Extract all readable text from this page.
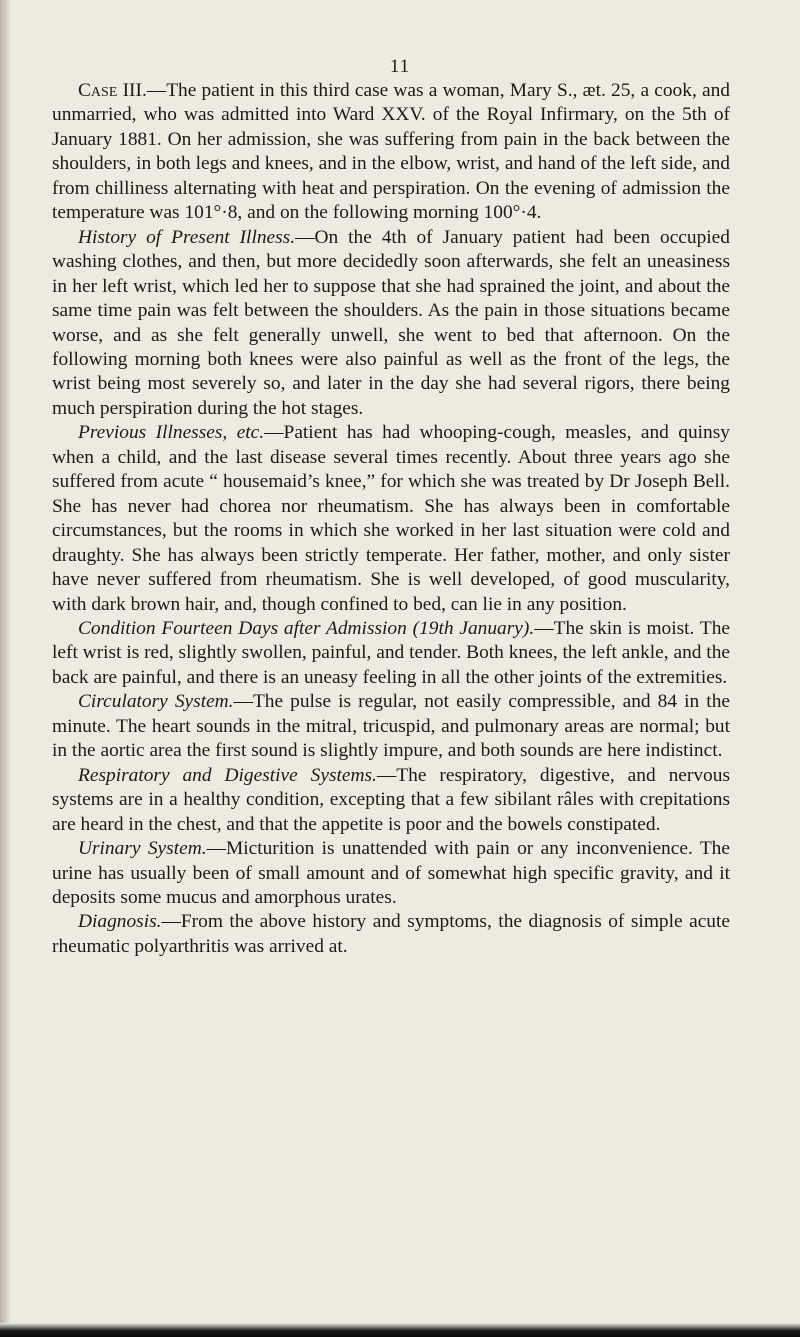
11

Case III.—The patient in this third case was a woman, Mary S., æt. 25, a cook, and unmarried, who was admitted into Ward XXV. of the Royal Infirmary, on the 5th of January 1881. On her admission, she was suffering from pain in the back between the shoulders, in both legs and knees, and in the elbow, wrist, and hand of the left side, and from chilliness alternating with heat and perspiration. On the evening of admission the temperature was 101°·8, and on the following morning 100°·4.

History of Present Illness.—On the 4th of January patient had been occupied washing clothes, and then, but more decidedly soon afterwards, she felt an uneasiness in her left wrist, which led her to suppose that she had sprained the joint, and about the same time pain was felt between the shoulders. As the pain in those situations became worse, and as she felt generally unwell, she went to bed that afternoon. On the following morning both knees were also painful as well as the front of the legs, the wrist being most severely so, and later in the day she had several rigors, there being much perspiration during the hot stages.

Previous Illnesses, etc.—Patient has had whooping-cough, measles, and quinsy when a child, and the last disease several times recently. About three years ago she suffered from acute “ housemaid’s knee,” for which she was treated by Dr Joseph Bell. She has never had chorea nor rheumatism. She has always been in comfortable circumstances, but the rooms in which she worked in her last situation were cold and draughty. She has always been strictly temperate. Her father, mother, and only sister have never suffered from rheumatism. She is well developed, of good muscularity, with dark brown hair, and, though confined to bed, can lie in any position.

Condition Fourteen Days after Admission (19th January).—The skin is moist. The left wrist is red, slightly swollen, painful, and tender. Both knees, the left ankle, and the back are painful, and there is an uneasy feeling in all the other joints of the extremities.

Circulatory System.—The pulse is regular, not easily compressible, and 84 in the minute. The heart sounds in the mitral, tricuspid, and pulmonary areas are normal; but in the aortic area the first sound is slightly impure, and both sounds are here indistinct.

Respiratory and Digestive Systems.—The respiratory, digestive, and nervous systems are in a healthy condition, excepting that a few sibilant râles with crepitations are heard in the chest, and that the appetite is poor and the bowels constipated.

Urinary System.—Micturition is unattended with pain or any inconvenience. The urine has usually been of small amount and of somewhat high specific gravity, and it deposits some mucus and amorphous urates.

Diagnosis.—From the above history and symptoms, the diagnosis of simple acute rheumatic polyarthritis was arrived at.
